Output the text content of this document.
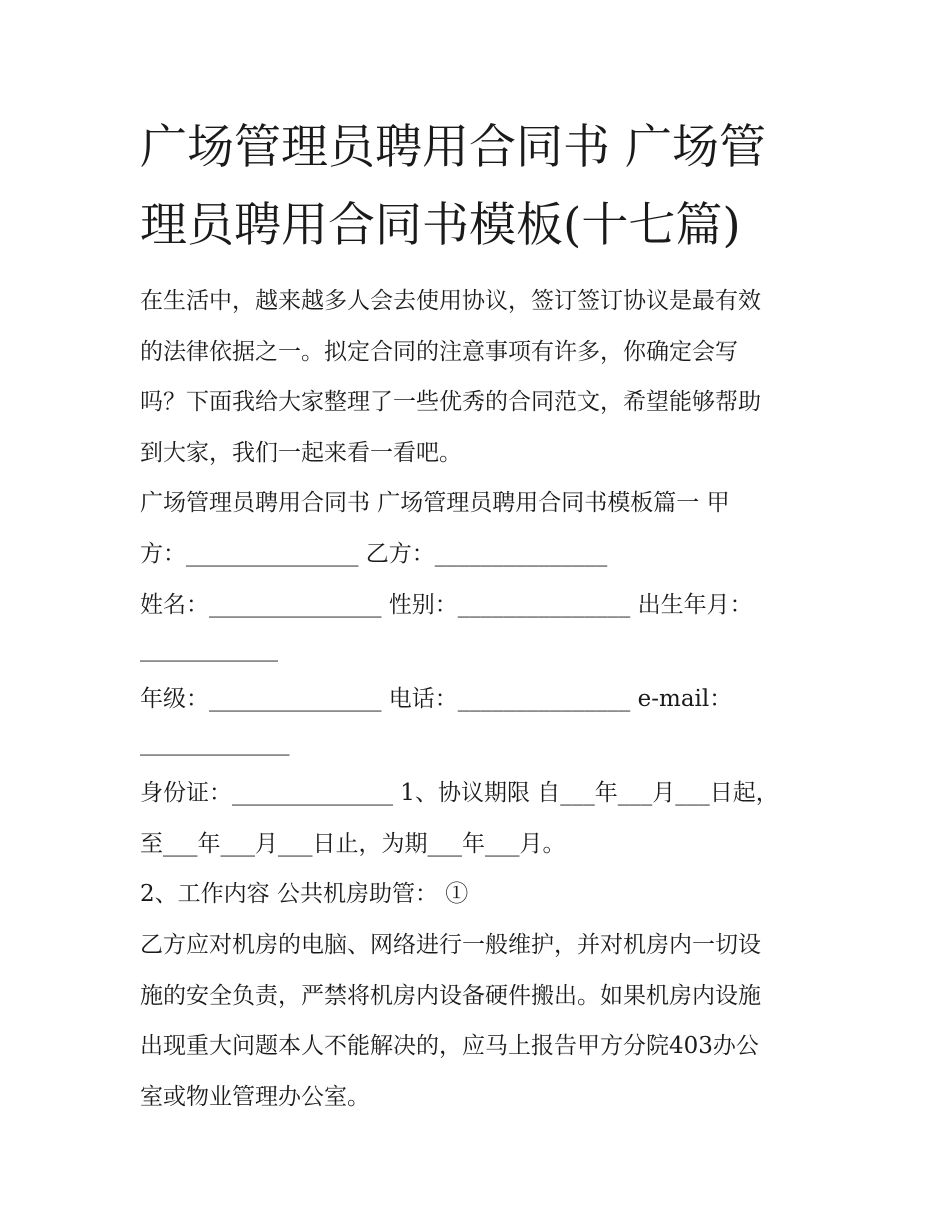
广场管理员聘用合同书 广场管
理员聘用合同书模板(十七篇)

在生活中，越来越多人会去使用协议，签订签订协议是最有效

的法律依据之一。拟定合同的注意事项有许多，你确定会写

吗？下面我给大家整理了一些优秀的合同范文，希望能够帮助

到大家，我们一起来看一看吧。

广场管理员聘用合同书 广场管理员聘用合同书模板篇一 甲

方：_______________ 乙方：_______________

姓名：_______________ 性别：_______________ 出生年月：

____________

年级：_______________ 电话：_______________ e-mail：

_____________

身份证：______________ 1、协议期限 自___年___月___日起，

至___年___月___日止，为期___年___月。

2、工作内容 公共机房助管： ①

乙方应对机房的电脑、网络进行一般维护，并对机房内一切设

施的安全负责，严禁将机房内设备硬件搬出。如果机房内设施

出现重大问题本人不能解决的，应马上报告甲方分院403办公

室或物业管理办公室。
